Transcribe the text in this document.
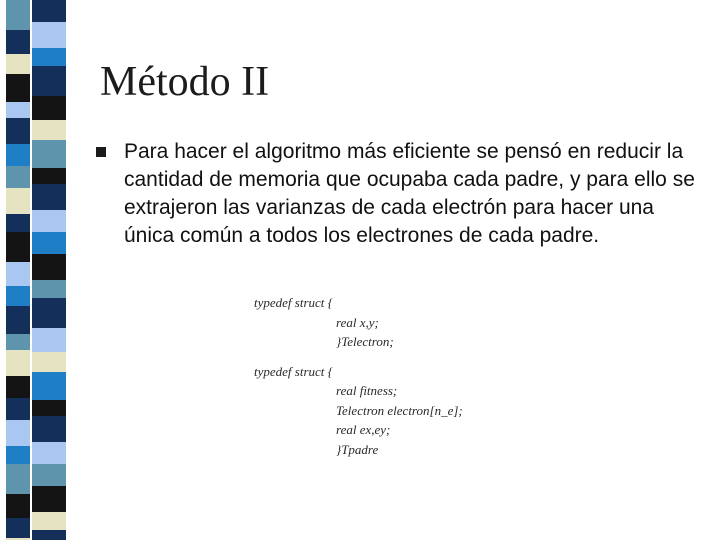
Método II
Para hacer el algoritmo más eficiente se pensó en reducir la cantidad de memoria que ocupaba cada padre, y para ello se extrajeron las varianzas de cada electrón para hacer una única común a todos los electrones de cada padre.
typedef struct {
real x,y;
}Telectron;
typedef struct {
real fitness;
Telectron electron[n_e];
real ex,ey;
}Tpadre
